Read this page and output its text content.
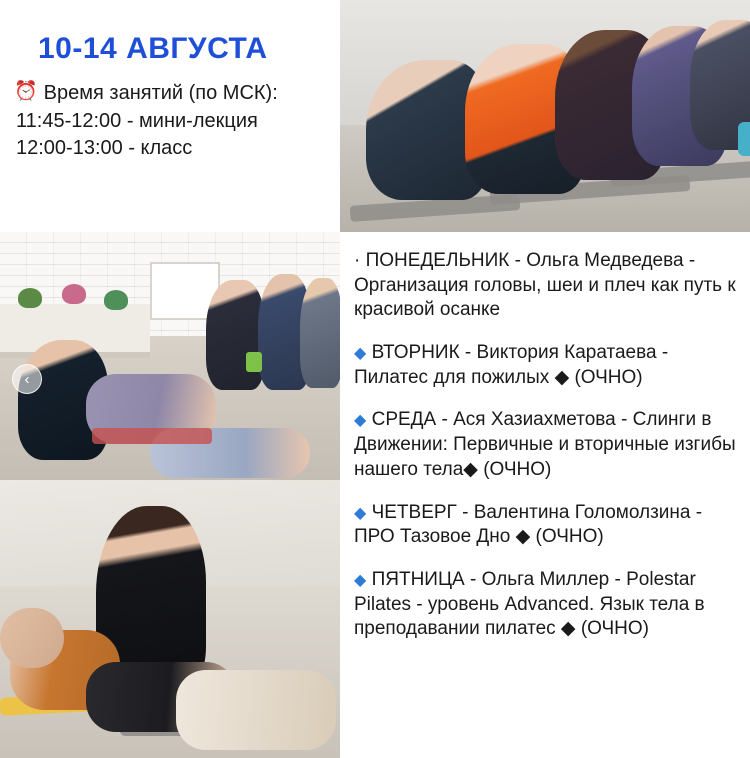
10-14 АВГУСТА
⏰ Время занятий (по МСК):
11:45-12:00 - мини-лекция
12:00-13:00 - класс
· ПОНЕДЕЛЬНИК - Ольга Медведева - Организация головы, шеи и плеч как путь к красивой осанке
◆ ВТОРНИК - Виктория Каратаева - Пилатес для пожилых ◆ (ОЧНО)
◆ СРЕДА - Ася Хазиахметова - Слинги в Движении: Первичные и вторичные изгибы нашего тела◆ (ОЧНО)
◆ ЧЕТВЕРГ - Валентина Голомолзина - ПРО Тазовое Дно ◆ (ОЧНО)
◆ ПЯТНИЦА - Ольга Миллер - Polestar Pilates - уровень Advanced. Язык тела в преподавании пилатес ◆ (ОЧНО)
‹	›
